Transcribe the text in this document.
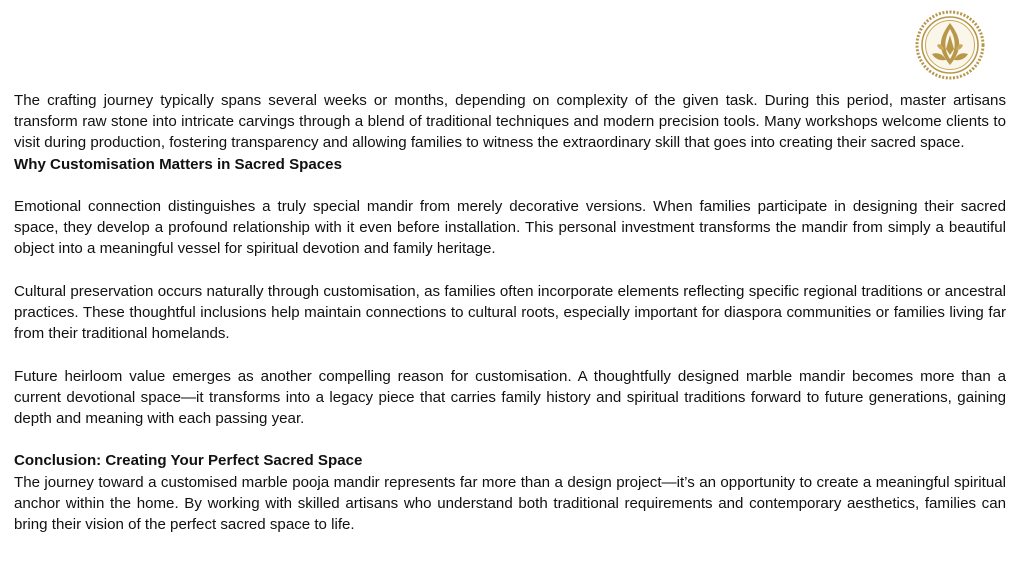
The crafting journey typically spans several weeks or months, depending on complexity of the given task. During this period, master artisans transform raw stone into intricate carvings through a blend of traditional techniques and modern precision tools. Many workshops welcome clients to visit during production, fostering transparency and allowing families to witness the extraordinary skill that goes into creating their sacred space.

Why Customisation Matters in Sacred Spaces

Emotional connection distinguishes a truly special mandir from merely decorative versions. When families participate in designing their sacred space, they develop a profound relationship with it even before installation. This personal investment transforms the mandir from simply a beautiful object into a meaningful vessel for spiritual devotion and family heritage.

Cultural preservation occurs naturally through customisation, as families often incorporate elements reflecting specific regional traditions or ancestral practices. These thoughtful inclusions help maintain connections to cultural roots, especially important for diaspora communities or families living far from their traditional homelands.

Future heirloom value emerges as another compelling reason for customisation. A thoughtfully designed marble mandir becomes more than a current devotional space—it transforms into a legacy piece that carries family history and spiritual traditions forward to future generations, gaining depth and meaning with each passing year.

Conclusion: Creating Your Perfect Sacred Space

The journey toward a customised marble pooja mandir represents far more than a design project—it’s an opportunity to create a meaningful spiritual anchor within the home. By working with skilled artisans who understand both traditional requirements and contemporary aesthetics, families can bring their vision of the perfect sacred space to life.
